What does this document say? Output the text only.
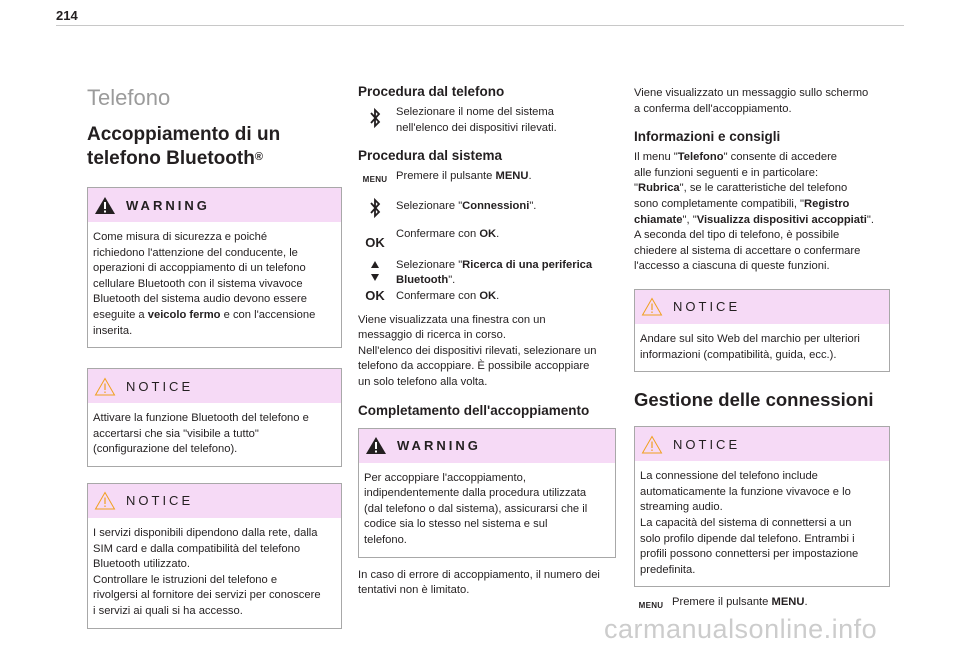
214
Telefono
Accoppiamento di un
telefono Bluetooth®
WARNING

Come misura di sicurezza e poiché
richiedono l'attenzione del conducente, le
operazioni di accoppiamento di un telefono
cellulare Bluetooth con il sistema vivavoce
Bluetooth del sistema audio devono essere
eseguite a veicolo fermo e con l'accensione
inserita.

NOTICE

Attivare la funzione Bluetooth del telefono e
accertarsi che sia "visibile a tutto"
(configurazione del telefono).

NOTICE

I servizi disponibili dipendono dalla rete, dalla
SIM card e dalla compatibilità del telefono
Bluetooth utilizzato.
Controllare le istruzioni del telefono e
rivolgersi al fornitore dei servizi per conoscere
i servizi ai quali si ha accesso.

Procedura dal telefono

Selezionare il nome del sistema
nell'elenco dei dispositivi rilevati.

Procedura dal sistema
MENU Premere il pulsante MENU.

Selezionare "Connessioni".

OK

Confermare con OK.

OK

Selezionare "Ricerca di una periferica
Bluetooth".
Confermare con OK.

Viene visualizzata una finestra con un
messaggio di ricerca in corso.
Nell'elenco dei dispositivi rilevati, selezionare un
telefono da accoppiare. È possibile accoppiare
un solo telefono alla volta.

Completamento dell'accoppiamento
WARNING

Per accoppiare l'accoppiamento,
indipendentemente dalla procedura utilizzata
(dal telefono o dal sistema), assicurarsi che il
codice sia lo stesso nel sistema e sul
telefono.

In caso di errore di accoppiamento, il numero dei
tentativi non è limitato.

Viene visualizzato un messaggio sullo schermo
a conferma dell'accoppiamento.

Informazioni e consigli

Il menu "Telefono" consente di accedere
alle funzioni seguenti e in particolare:
"Rubrica", se le caratteristiche del telefono
sono completamente compatibili, "Registro
chiamate", "Visualizza dispositivi accoppiati".
A seconda del tipo di telefono, è possibile
chiedere al sistema di accettare o confermare
l'accesso a ciascuna di queste funzioni.

NOTICE

Andare sul sito Web del marchio per ulteriori
informazioni (compatibilità, guida, ecc.).

Gestione delle connessioni
NOTICE

La connessione del telefono include
automaticamente la funzione vivavoce e lo
streaming audio.
La capacità del sistema di connettersi a un
solo profilo dipende dal telefono. Entrambi i
profili possono connettersi per impostazione
predefinita.

MENU Premere il pulsante MENU.

carmanualsonline.info
